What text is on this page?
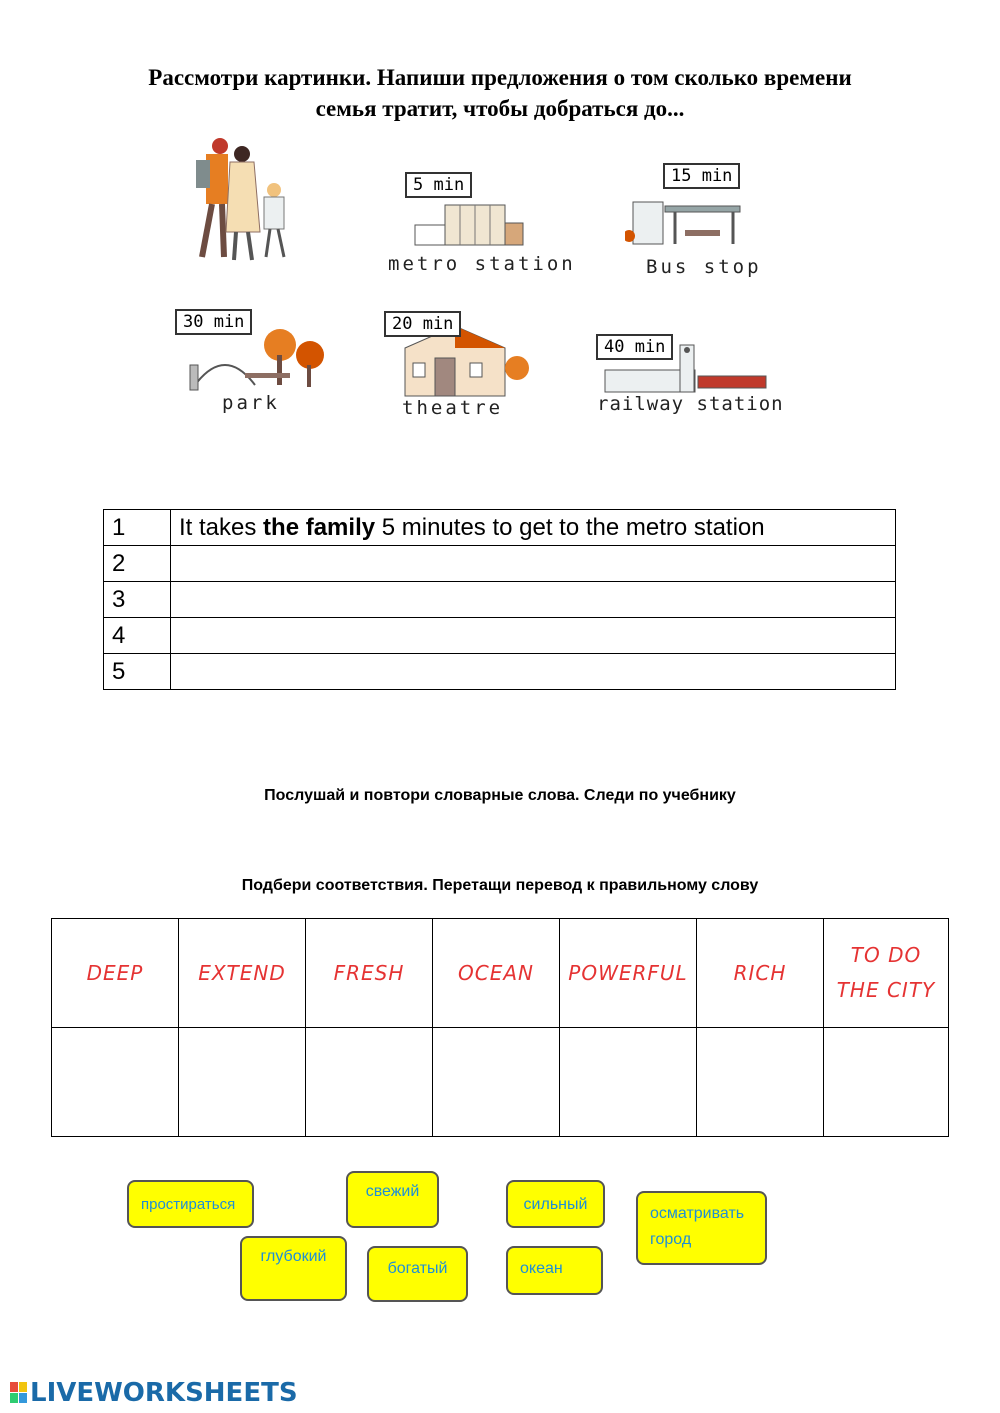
Рассмотри картинки. Напиши предложения о том сколько времени
семья тратит, чтобы добраться до...
5 min
metro station
15 min
Bus stop
30 min
park
20 min
theatre
40 min
railway station
1	It takes the family 5 minutes to get to the metro station
2	
3	
4	
5	
Послушай и повтори словарные слова. Следи по учебнику
Подбери соответствия. Перетащи перевод к правильному слову
DEEP	EXTEND	FRESH	OCEAN	POWERFUL	RICH	TO DO
THE CITY

простираться
свежий
сильный
осматривать
город
глубокий
богатый	океан
LIVEWORKSHEETS
